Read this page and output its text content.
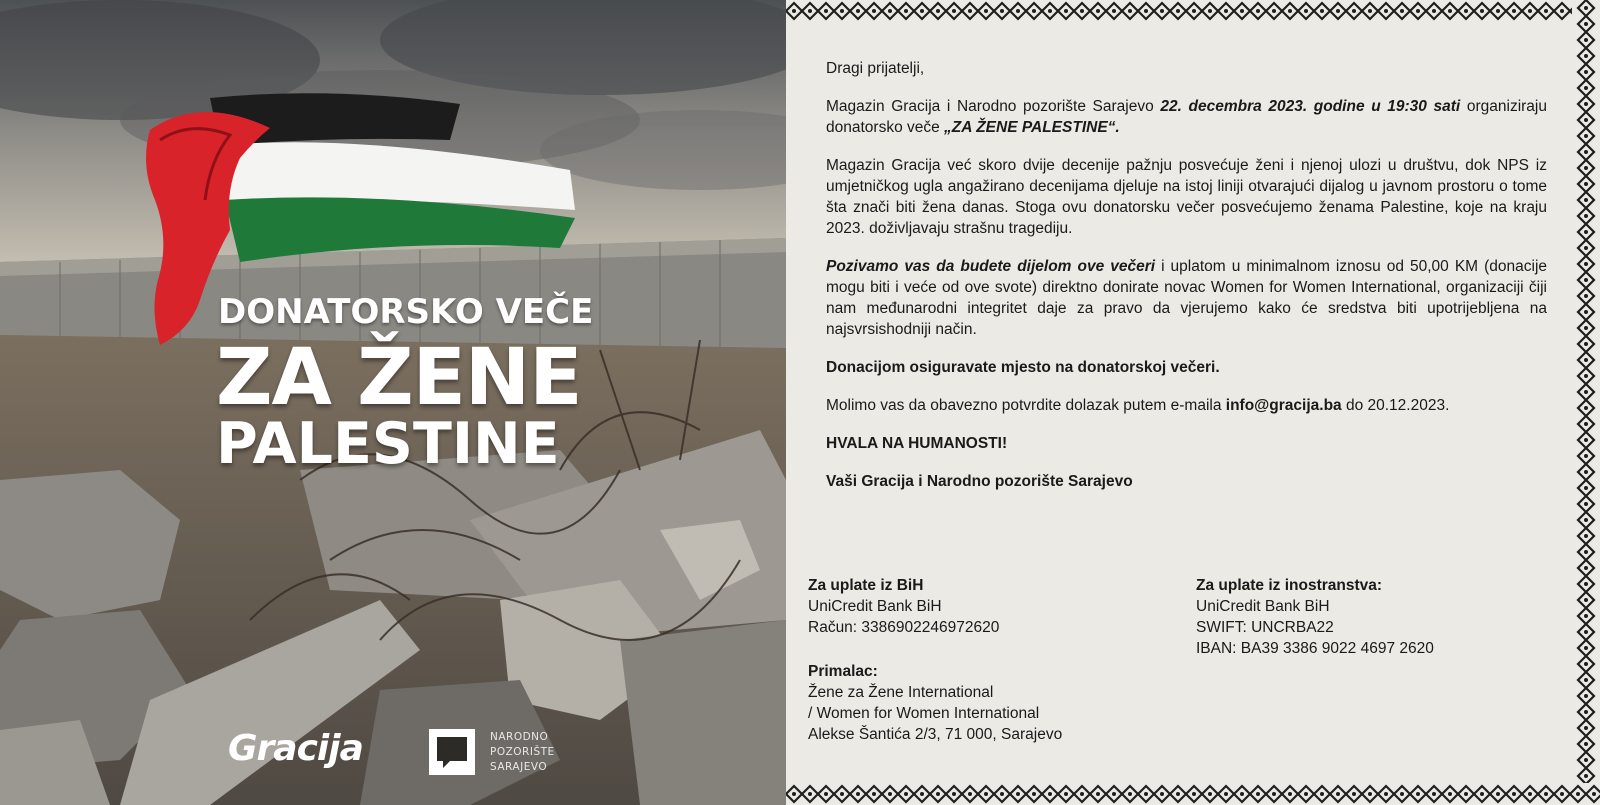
DONATORSKO VEČE
ZA ŽENE
PALESTINE
Gracija	NARODNO
POZORIŠTE
SARAJEVO

Dragi prijatelji,

Magazin Gracija i Narodno pozorište Sarajevo 22. decembra 2023. godine u 19:30 sati organiziraju donatorsko veče „ZA ŽENE PALESTINE“.

Magazin Gracija već skoro dvije decenije pažnju posvećuje ženi i njenoj ulozi u društvu, dok NPS iz umjetničkog ugla angažirano decenijama djeluje na istoj liniji otvarajući dijalog u javnom prostoru o tome šta znači biti žena danas. Stoga ovu donatorsku večer posvećujemo ženama Palestine, koje na kraju 2023. doživljavaju strašnu tragediju.

Pozivamo vas da budete dijelom ove večeri i uplatom u minimalnom iznosu od 50,00 KM (donacije mogu biti i veće od ove svote) direktno donirate novac Women for Women International, organizaciji čiji nam međunarodni integritet daje za pravo da vjerujemo kako će sredstva biti upotrijebljena na najsvrsishodniji način.

Donacijom osiguravate mjesto na donatorskoj večeri.

Molimo vas da obavezno potvrdite dolazak putem e-maila info@gracija.ba do 20.12.2023.

HVALA NA HUMANOSTI!

Vaši Gracija i Narodno pozorište Sarajevo

Za uplate iz BiH
UniCredit Bank BiH
Račun: 3386902246972620
Za uplate iz inostranstva:
UniCredit Bank BiH
SWIFT: UNCRBA22
IBAN: BA39 3386 9022 4697 2620
Primalac:
Žene za Žene International
/ Women for Women International
Alekse Šantića 2/3, 71 000, Sarajevo
